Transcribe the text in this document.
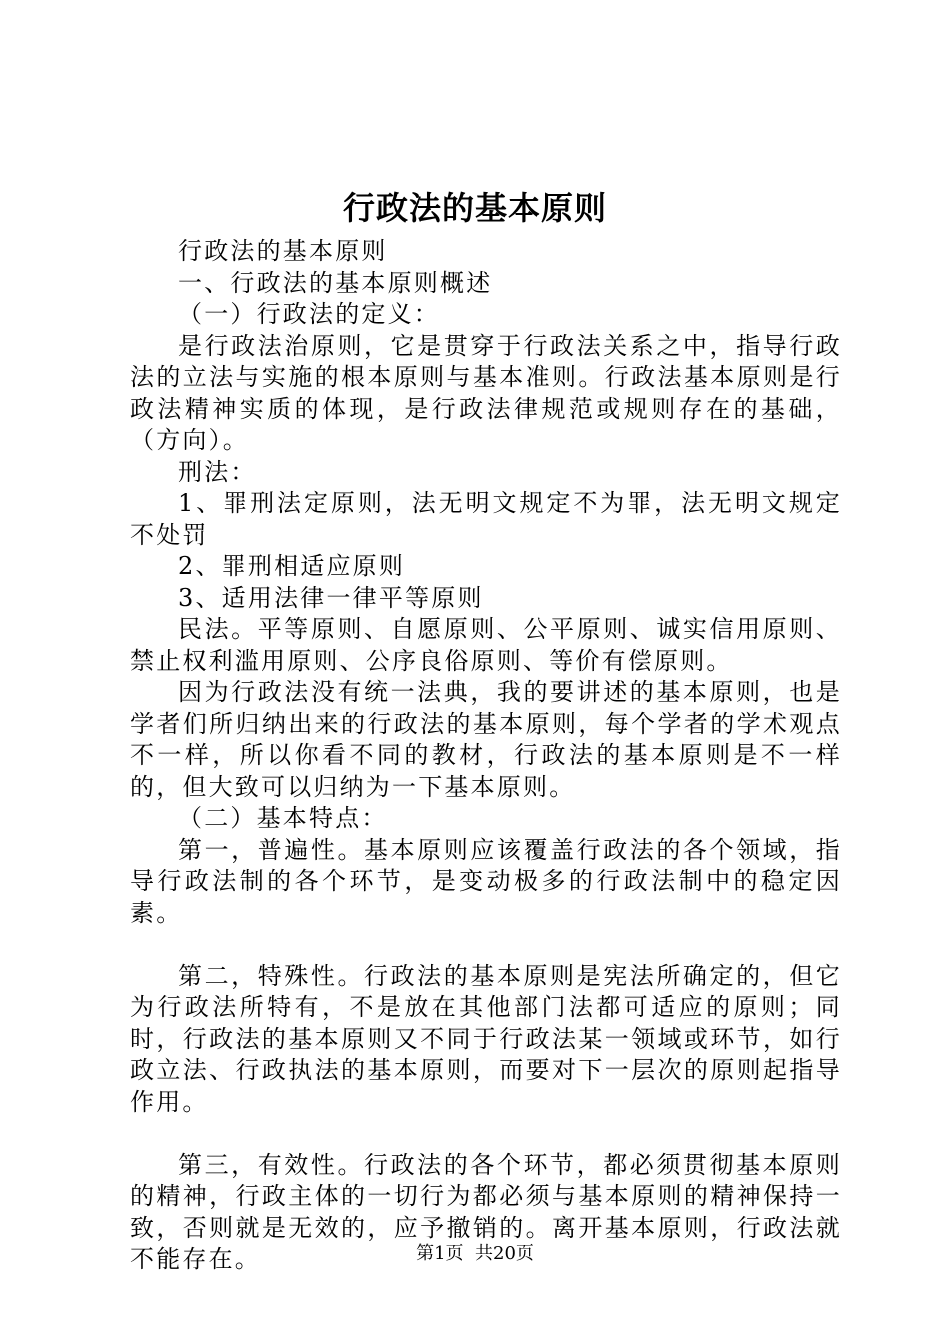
行政法的基本原则

行政法的基本原则

一、行政法的基本原则概述

（一）行政法的定义：

是行政法治原则，它是贯穿于行政法关系之中，指导行政法的立法与实施的根本原则与基本准则。行政法基本原则是行政法精神实质的体现，是行政法律规范或规则存在的基础，（方向）。

刑法：

1、罪刑法定原则，法无明文规定不为罪，法无明文规定不处罚

2、罪刑相适应原则

3、适用法律一律平等原则

民法。平等原则、自愿原则、公平原则、诚实信用原则、禁止权利滥用原则、公序良俗原则、等价有偿原则。

因为行政法没有统一法典，我的要讲述的基本原则，也是学者们所归纳出来的行政法的基本原则，每个学者的学术观点不一样，所以你看不同的教材，行政法的基本原则是不一样的，但大致可以归纳为一下基本原则。

（二）基本特点：

第一，普遍性。基本原则应该覆盖行政法的各个领域，指导行政法制的各个环节，是变动极多的行政法制中的稳定因素。

第二，特殊性。行政法的基本原则是宪法所确定的，但它为行政法所特有，不是放在其他部门法都可适应的原则；同时，行政法的基本原则又不同于行政法某一领域或环节，如行政立法、行政执法的基本原则，而要对下一层次的原则起指导作用。

第三，有效性。行政法的各个环节，都必须贯彻基本原则的精神，行政主体的一切行为都必须与基本原则的精神保持一致，否则就是无效的，应予撤销的。离开基本原则，行政法就不能存在。	第1页  共20页
